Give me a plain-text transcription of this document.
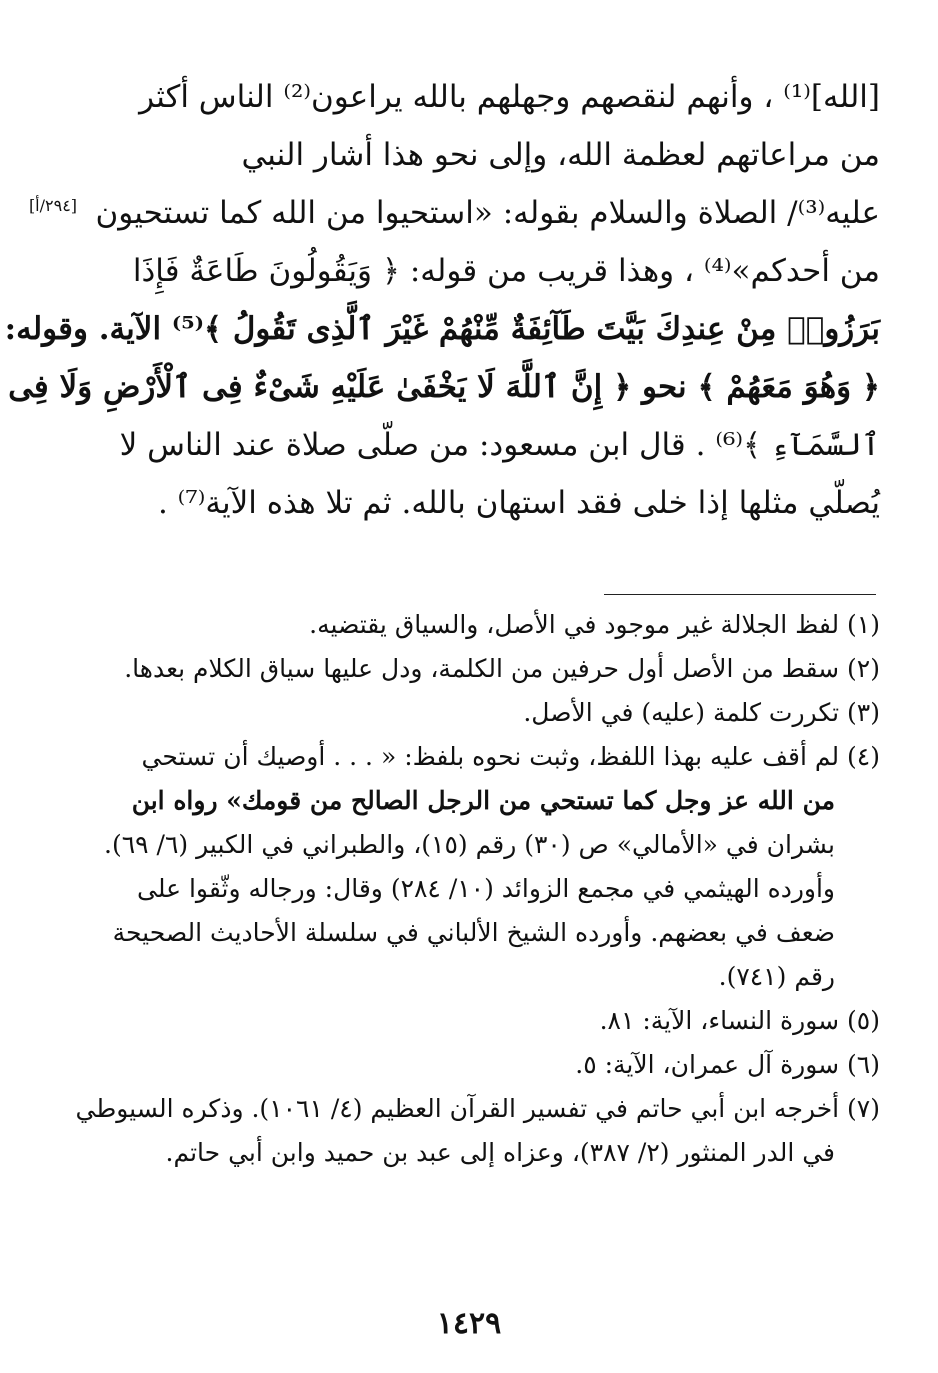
[٢٩٤/أ]
[الله]⁽¹⁾ ، وأنهم لنقصهم وجهلهم بالله يراعون⁽²⁾ الناس أكثر
من مراعاتهم لعظمة الله، وإلى نحو هذا أشار النبي
عليه⁽³⁾/ الصلاة والسلام بقوله: «استحيوا من الله كما تستحيون
من أحدكم»⁽⁴⁾ ، وهذا قريب من قوله: ﴿ وَيَقُولُونَ طَاعَةٌ فَإِذَا
بَرَزُوا۟ مِنْ عِندِكَ بَيَّتَ طَآئِفَةٌ مِّنْهُمْ غَيْرَ ٱلَّذِى تَقُولُ ﴾⁽⁵⁾ الآية. وقوله:
﴿ وَهُوَ مَعَهُمْ ﴾ نحو ﴿ إِنَّ ٱللَّهَ لَا يَخْفَىٰ عَلَيْهِ شَىْءٌ فِى ٱلْأَرْضِ وَلَا فِى
ٱلسَّمَآءِ ﴾⁽⁶⁾ . قال ابن مسعود: من صلّى صلاة عند الناس لا
يُصلّي مثلها إذا خلى فقد استهان بالله. ثم تلا هذه الآية⁽⁷⁾ .
(١) لفظ الجلالة غير موجود في الأصل، والسياق يقتضيه.
(٢) سقط من الأصل أول حرفين من الكلمة، ودل عليها سياق الكلام بعدها.
(٣) تكررت كلمة (عليه) في الأصل.
(٤) لم أقف عليه بهذا اللفظ، وثبت نحوه بلفظ: « . . . أوصيك أن تستحي
من الله عز وجل كما تستحي من الرجل الصالح من قومك» رواه ابن
بشران في «الأمالي» ص (٣٠) رقم (١٥)، والطبراني في الكبير (٦/ ٦٩).
وأورده الهيثمي في مجمع الزوائد (١٠/ ٢٨٤) وقال: ورجاله وثّقوا على
ضعف في بعضهم. وأورده الشيخ الألباني في سلسلة الأحاديث الصحيحة
رقم (٧٤١).
(٥) سورة النساء، الآية: ٨١.
(٦) سورة آل عمران، الآية: ٥.
(٧) أخرجه ابن أبي حاتم في تفسير القرآن العظيم (٤/ ١٠٦١). وذكره السيوطي
في الدر المنثور (٢/ ٣٨٧)، وعزاه إلى عبد بن حميد وابن أبي حاتم.
١٤٢٩
